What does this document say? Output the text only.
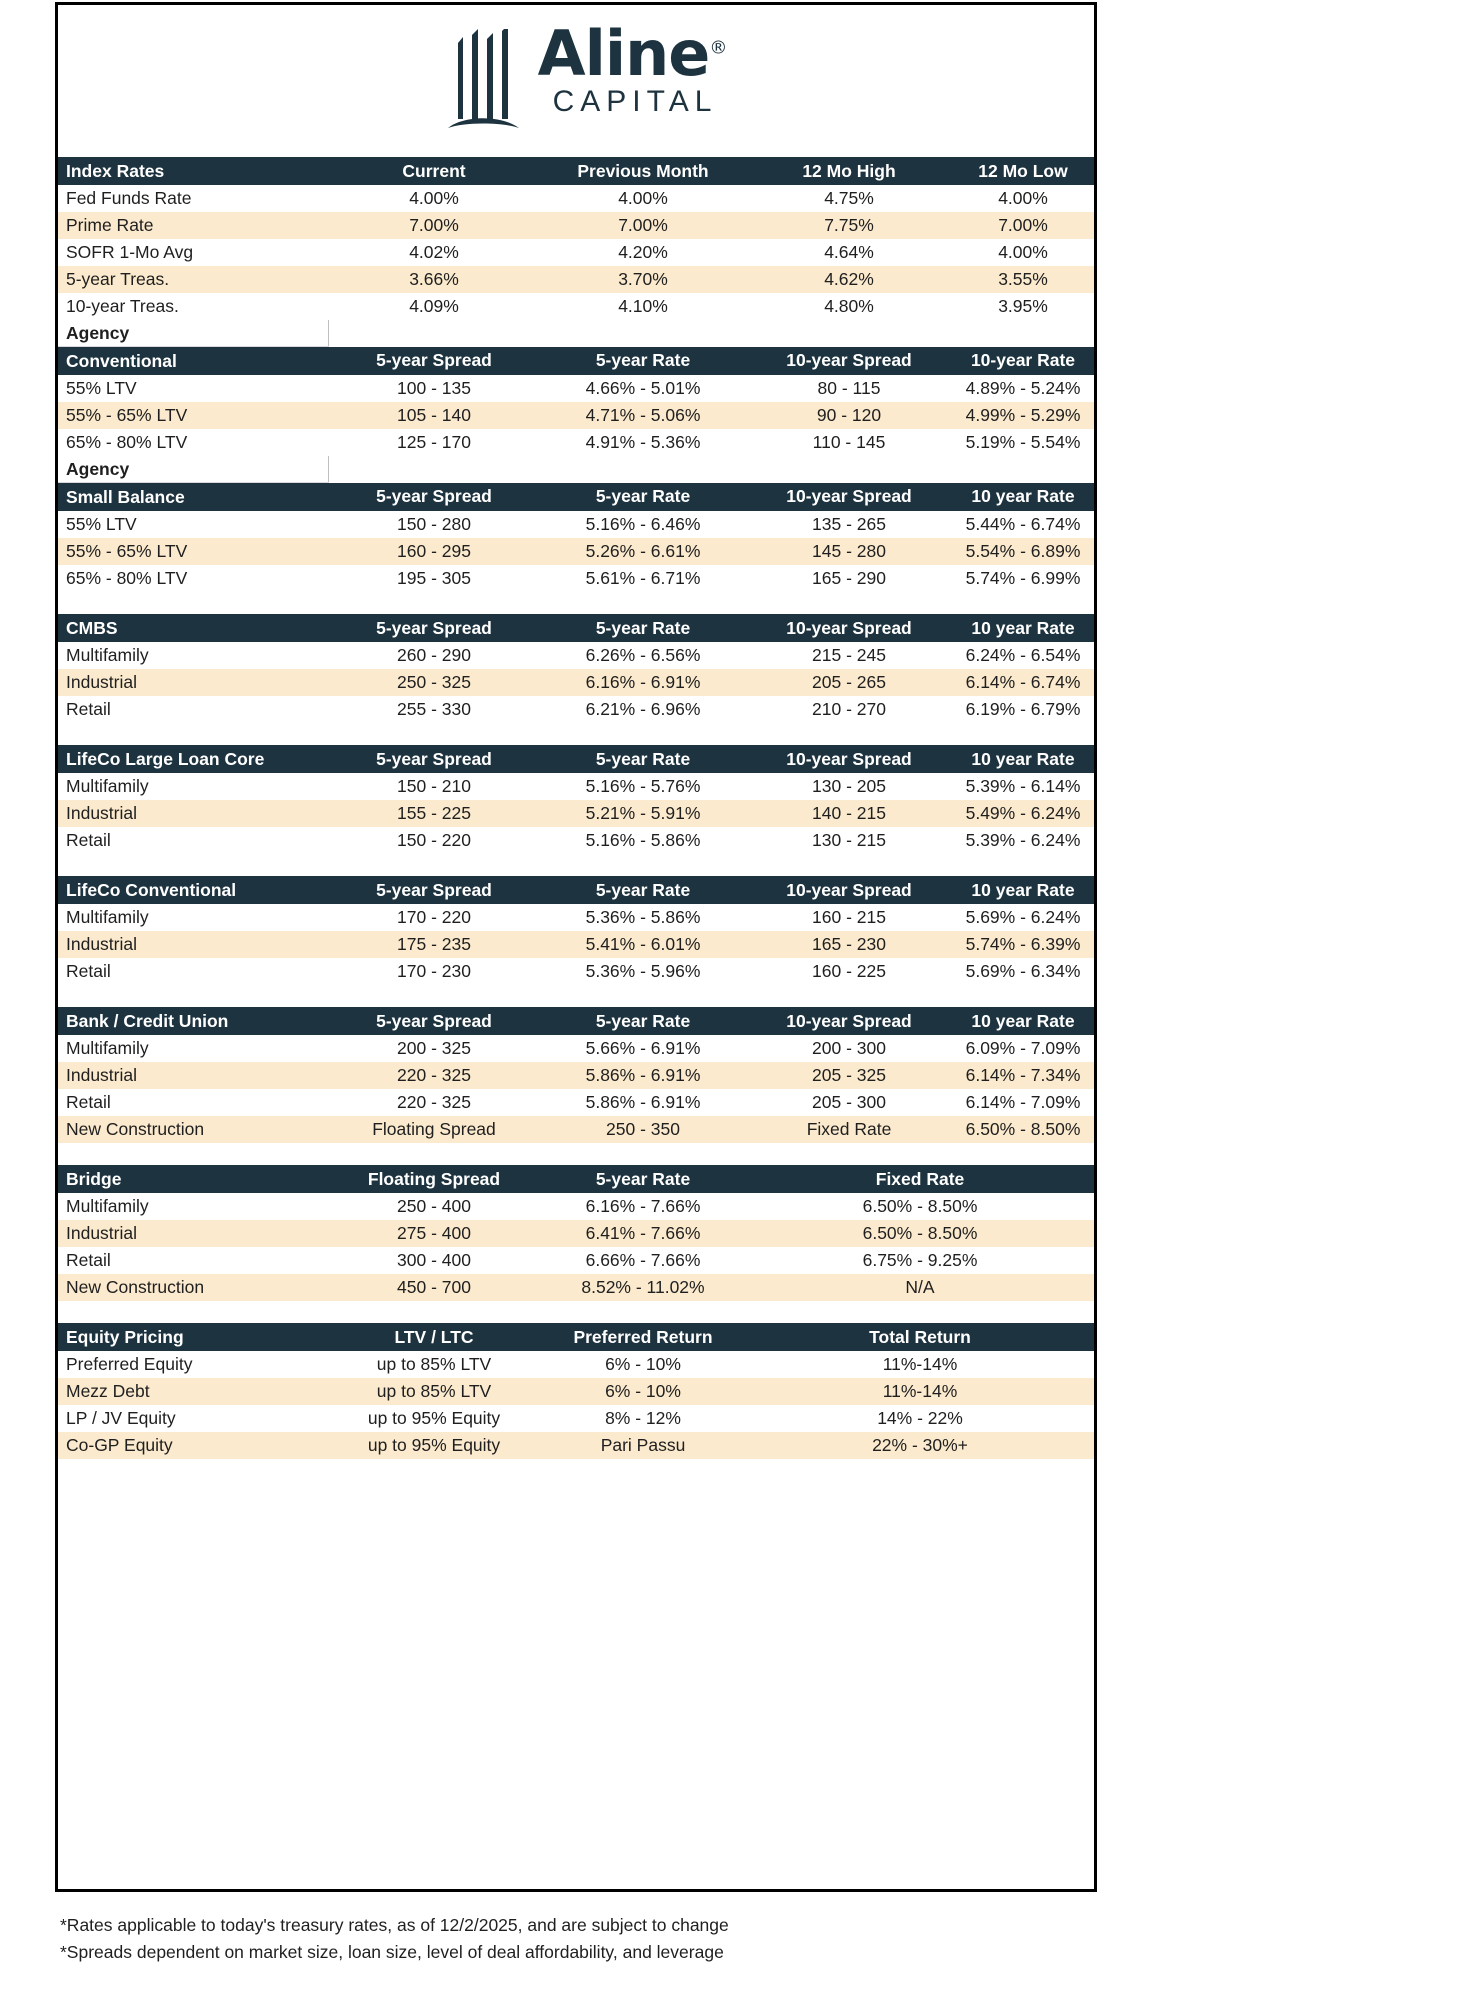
Aline®
CAPITAL
Index Rates	Current	Previous Month	12 Mo High	12 Mo Low
Fed Funds Rate	4.00%	4.00%	4.75%	4.00%
Prime Rate	7.00%	7.00%	7.75%	7.00%
SOFR 1-Mo Avg	4.02%	4.20%	4.64%	4.00%
5-year Treas.	3.66%	3.70%	4.62%	3.55%
10-year Treas.	4.09%	4.10%	4.80%	3.95%
Agency				
Conventional	5-year Spread	5-year Rate	10-year Spread	10-year Rate
55% LTV	100 - 135	4.66% - 5.01%	80 - 115	4.89% - 5.24%
55% - 65% LTV	105 - 140	4.71% - 5.06%	90 - 120	4.99% - 5.29%
65% - 80% LTV	125 - 170	4.91% - 5.36%	110 - 145	5.19% - 5.54%
Agency				
Small Balance	5-year Spread	5-year Rate	10-year Spread	10 year Rate
55% LTV	150 - 280	5.16% - 6.46%	135 - 265	5.44% - 6.74%
55% - 65% LTV	160 - 295	5.26% - 6.61%	145 - 280	5.54% - 6.89%
65% - 80% LTV	195 - 305	5.61% - 6.71%	165 - 290	5.74% - 6.99%

CMBS	5-year Spread	5-year Rate	10-year Spread	10 year Rate
Multifamily	260 - 290	6.26% - 6.56%	215 - 245	6.24% - 6.54%
Industrial	250 - 325	6.16% - 6.91%	205 - 265	6.14% - 6.74%
Retail	255 - 330	6.21% - 6.96%	210 - 270	6.19% - 6.79%

LifeCo Large Loan Core	5-year Spread	5-year Rate	10-year Spread	10 year Rate
Multifamily	150 - 210	5.16% - 5.76%	130 - 205	5.39% - 6.14%
Industrial	155 - 225	5.21% - 5.91%	140 - 215	5.49% - 6.24%
Retail	150 - 220	5.16% - 5.86%	130 - 215	5.39% - 6.24%

LifeCo Conventional	5-year Spread	5-year Rate	10-year Spread	10 year Rate
Multifamily	170 - 220	5.36% - 5.86%	160 - 215	5.69% - 6.24%
Industrial	175 - 235	5.41% - 6.01%	165 - 230	5.74% - 6.39%
Retail	170 - 230	5.36% - 5.96%	160 - 225	5.69% - 6.34%

Bank / Credit Union	5-year Spread	5-year Rate	10-year Spread	10 year Rate
Multifamily	200 - 325	5.66% - 6.91%	200 - 300	6.09% - 7.09%
Industrial	220 - 325	5.86% - 6.91%	205 - 325	6.14% - 7.34%
Retail	220 - 325	5.86% - 6.91%	205 - 300	6.14% - 7.09%
New Construction	Floating Spread	250 - 350	Fixed Rate	6.50% - 8.50%

Bridge	Floating Spread	5-year Rate	Fixed Rate	
Multifamily	250 - 400	6.16% - 7.66%	6.50% - 8.50%	
Industrial	275 - 400	6.41% - 7.66%	6.50% - 8.50%	
Retail	300 - 400	6.66% - 7.66%	6.75% - 9.25%	
New Construction	450 - 700	8.52% - 11.02%	N/A	

Equity Pricing	LTV / LTC	Preferred Return	Total Return	
Preferred Equity	up to 85% LTV	6% - 10%	11%-14%	
Mezz Debt	up to 85% LTV	6% - 10%	11%-14%	
LP / JV Equity	up to 95% Equity	8% - 12%	14% - 22%	
Co-GP Equity	up to 95% Equity	Pari Passu	22% - 30%+	
*Rates applicable to today's treasury rates, as of 12/2/2025, and are subject to change
*Spreads dependent on market size, loan size, level of deal affordability, and leverage
